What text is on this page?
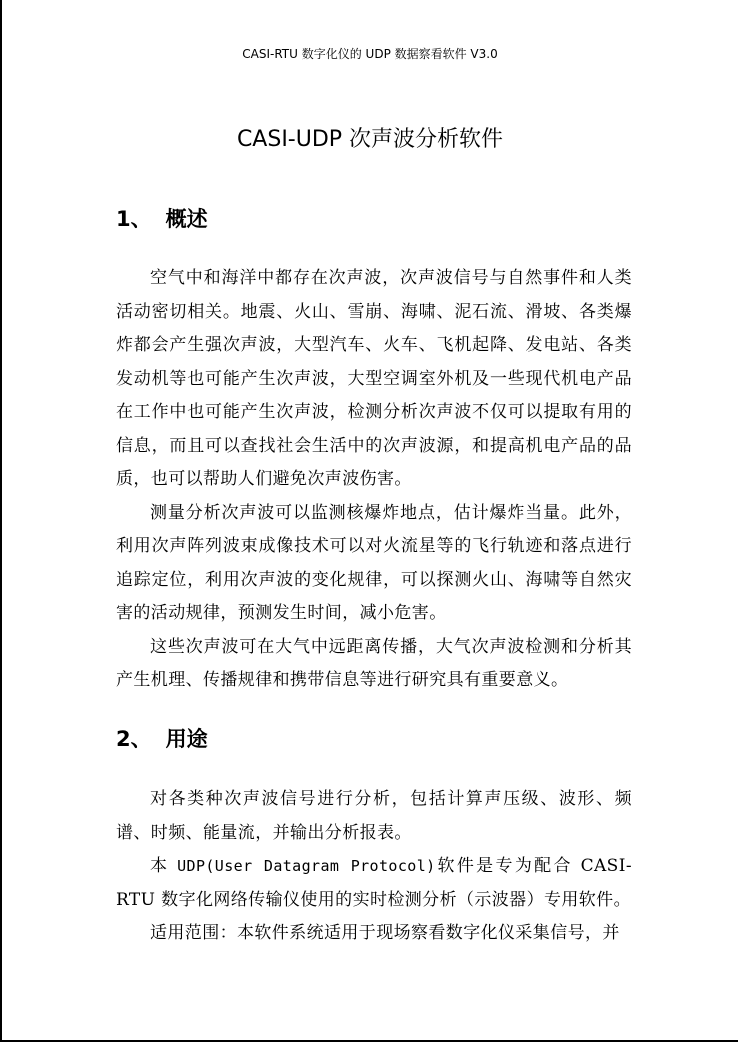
CASI-RTU 数字化仪的 UDP 数据察看软件 V3.0
CASI-UDP 次声波分析软件
1、 概述

空气中和海洋中都存在次声波，次声波信号与自然事件和人类活动密切相关。地震、火山、雪崩、海啸、泥石流、滑坡、各类爆炸都会产生强次声波，大型汽车、火车、飞机起降、发电站、各类发动机等也可能产生次声波，大型空调室外机及一些现代机电产品在工作中也可能产生次声波，检测分析次声波不仅可以提取有用的信息，而且可以查找社会生活中的次声波源，和提高机电产品的品质，也可以帮助人们避免次声波伤害。

测量分析次声波可以监测核爆炸地点，估计爆炸当量。此外，利用次声阵列波束成像技术可以对火流星等的飞行轨迹和落点进行追踪定位，利用次声波的变化规律，可以探测火山、海啸等自然灾害的活动规律，预测发生时间，减小危害。

这些次声波可在大气中远距离传播，大气次声波检测和分析其产生机理、传播规律和携带信息等进行研究具有重要意义。

2、 用途

对各类种次声波信号进行分析，包括计算声压级、波形、频谱、时频、能量流，并输出分析报表。

本 UDP(User Datagram Protocol)软件是专为配合 CASI-RTU 数字化网络传输仪使用的实时检测分析（示波器）专用软件。

适用范围：本软件系统适用于现场察看数字化仪采集信号，并
